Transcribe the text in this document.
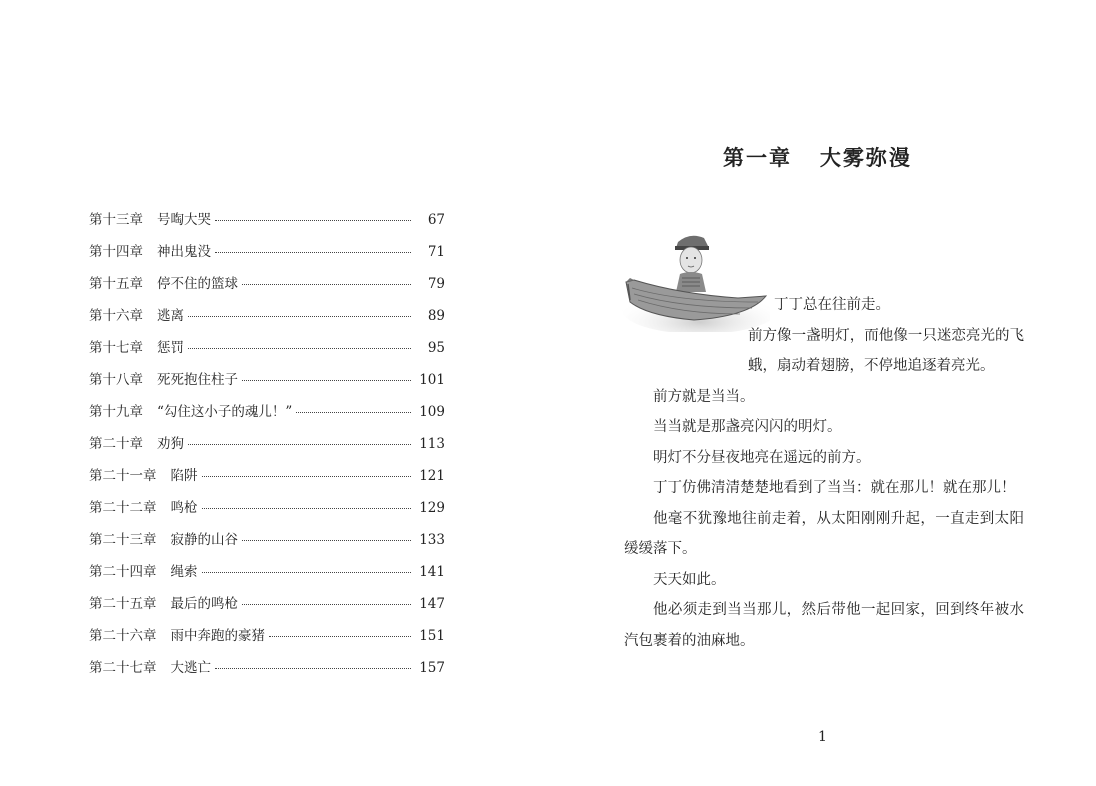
第十三章 号啕大哭	67
第十四章 神出鬼没	71
第十五章 停不住的篮球	79
第十六章 逃离	89
第十七章 惩罚	95
第十八章 死死抱住柱子	101
第十九章 “勾住这小子的魂儿！”	109
第二十章 劝狗	113
第二十一章 陷阱	121
第二十二章 鸣枪	129
第二十三章 寂静的山谷	133
第二十四章 绳索	141
第二十五章 最后的鸣枪	147
第二十六章 雨中奔跑的豪猪	151
第二十七章 大逃亡	157
第一章   大雾弥漫

丁丁总在往前走。

前方像一盏明灯，而他像一只迷恋亮光的飞蛾，扇动着翅膀，不停地追逐着亮光。

前方就是当当。

当当就是那盏亮闪闪的明灯。

明灯不分昼夜地亮在遥远的前方。

丁丁仿佛清清楚楚地看到了当当：就在那儿！就在那儿！

他毫不犹豫地往前走着，从太阳刚刚升起，一直走到太阳缓缓落下。

天天如此。

他必须走到当当那儿，然后带他一起回家，回到终年被水汽包裹着的油麻地。

1
